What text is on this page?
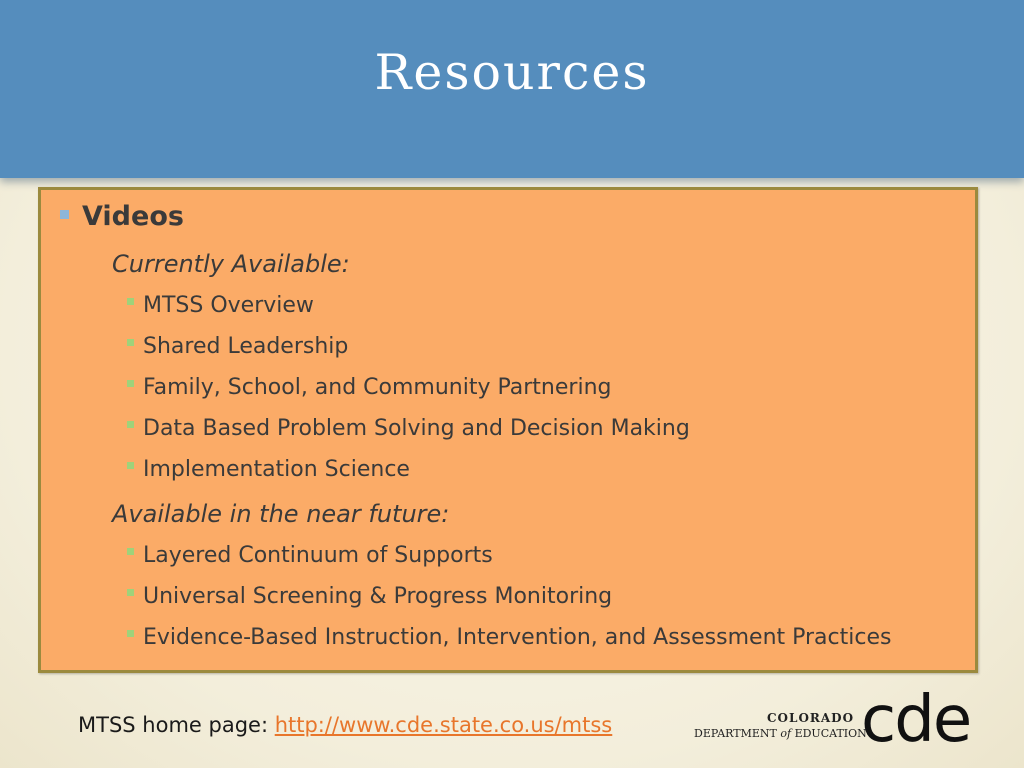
Resources
Videos
Currently Available:
MTSS Overview
Shared Leadership
Family, School, and Community Partnering
Data Based Problem Solving and Decision Making
Implementation Science
Available in the near future:
Layered Continuum of Supports
Universal Screening & Progress Monitoring
Evidence-Based Instruction, Intervention, and Assessment Practices
MTSS home page: http://www.cde.state.co.us/mtss	COLORADO
DEPARTMENT of EDUCATION
cde
